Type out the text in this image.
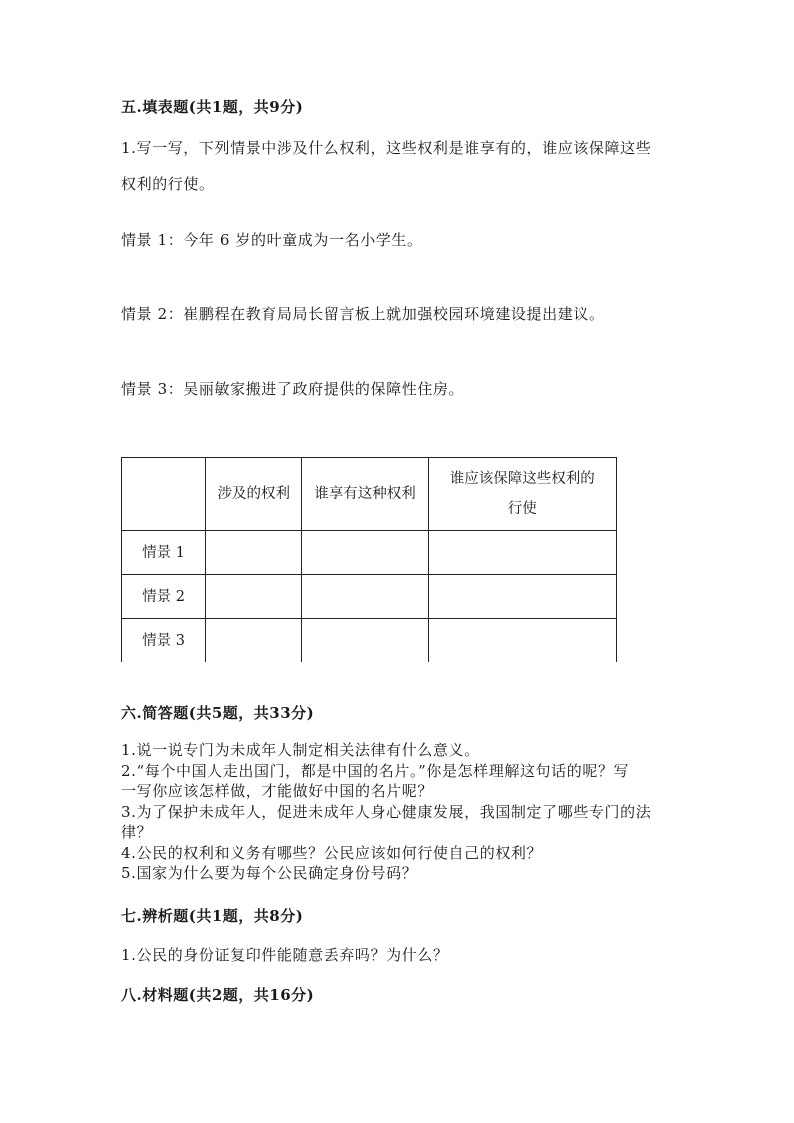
五.填表题(共1题，共9分)
1.写一写，下列情景中涉及什么权利，这些权利是谁享有的，谁应该保障这些
权利的行使。
情景 1：今年 6 岁的叶童成为一名小学生。
情景 2：崔鹏程在教育局局长留言板上就加强校园环境建设提出建议。
情景 3：吴丽敏家搬进了政府提供的保障性住房。
	涉及的权利	谁享有这种权利	谁应该保障这些权利的
行使

情景 1			
情景 2			
情景 3			
六.简答题(共5题，共33分)
1.说一说专门为未成年人制定相关法律有什么意义。
2.“每个中国人走出国门，都是中国的名片。”你是怎样理解这句话的呢？写
一写你应该怎样做，才能做好中国的名片呢？
3.为了保护未成年人，促进未成年人身心健康发展，我国制定了哪些专门的法
律？
4.公民的权利和义务有哪些？公民应该如何行使自己的权利？
5.国家为什么要为每个公民确定身份号码？
七.辨析题(共1题，共8分)
1.公民的身份证复印件能随意丢弃吗？为什么？
八.材料题(共2题，共16分)
